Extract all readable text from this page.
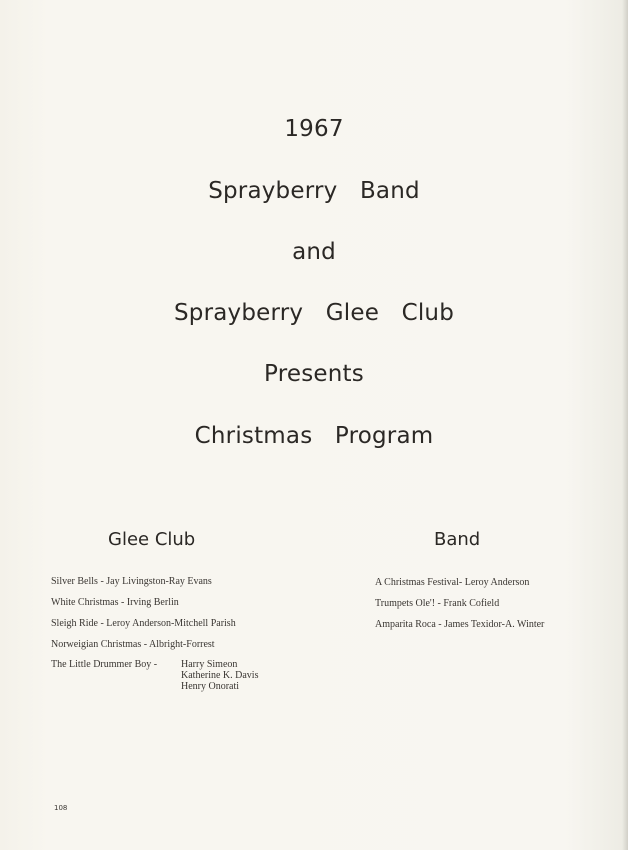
1967
Sprayberry   Band
and
Sprayberry   Glee   Club
Presents
Christmas   Program
Glee Club	Band
Silver Bells - Jay Livingston-Ray Evans
White Christmas - Irving Berlin
Sleigh Ride - Leroy Anderson-Mitchell Parish
Norweigian Christmas - Albright-Forrest
The Little Drummer Boy - Harry Simeon
Katherine K. Davis
Henry Onorati
A Christmas Festival- Leroy Anderson
Trumpets Ole'! - Frank Cofield
Amparita Roca - James Texidor-A. Winter
108
